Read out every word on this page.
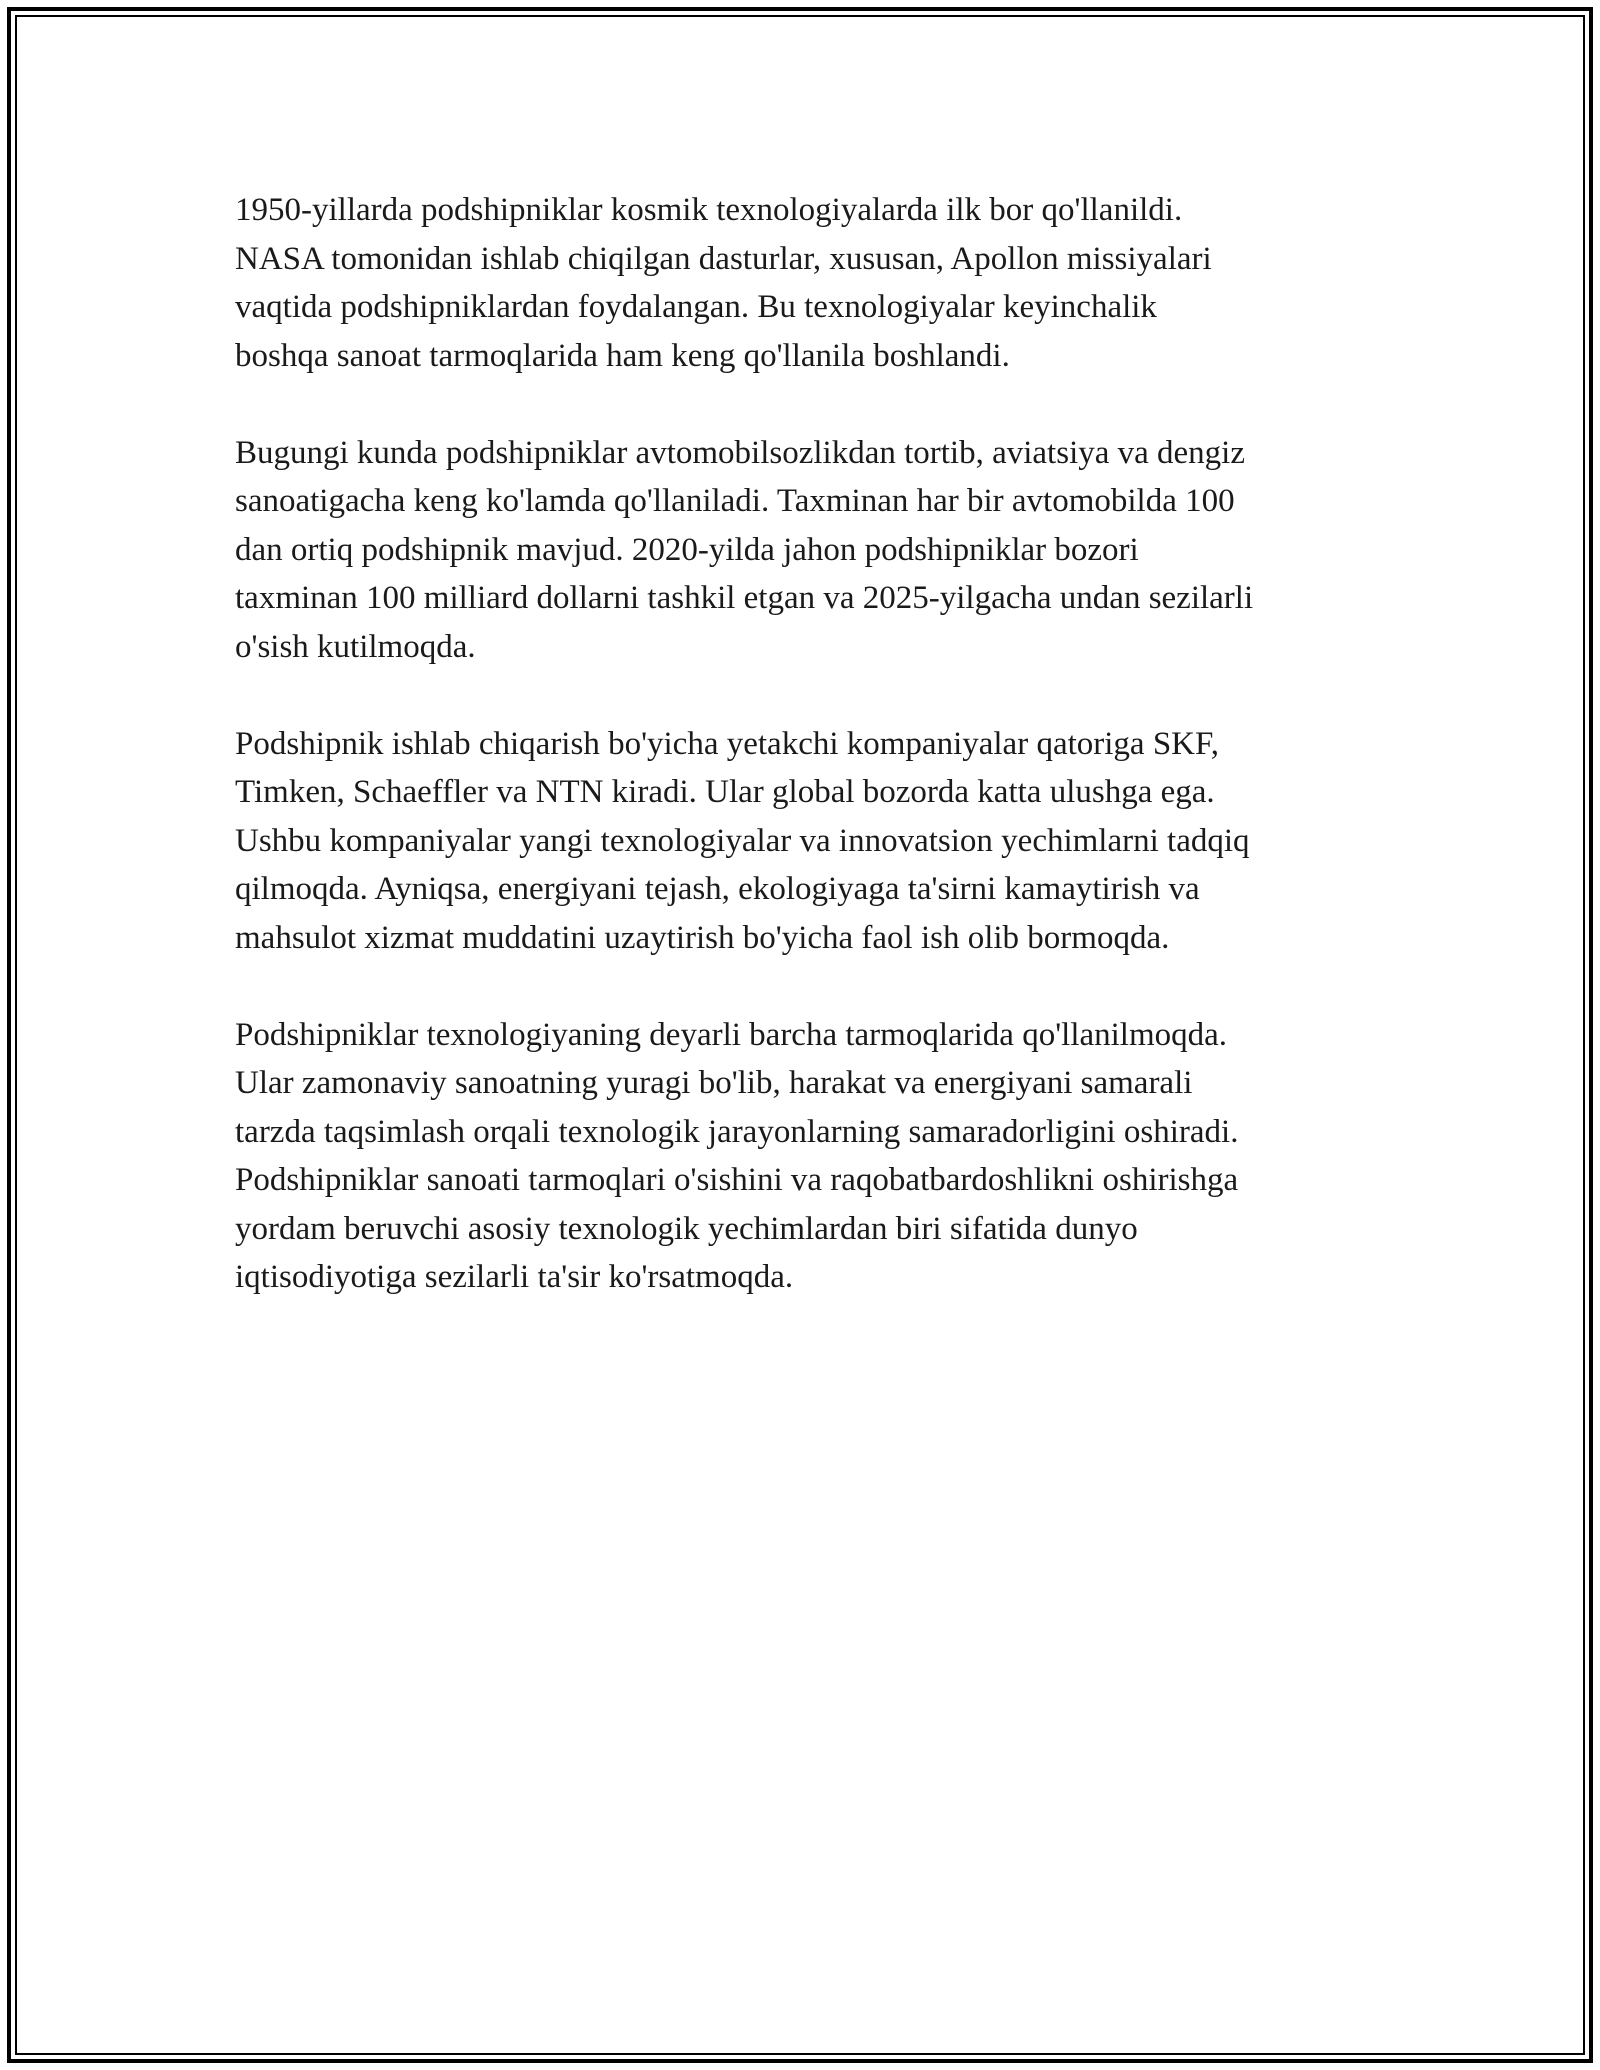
1950-yillarda podshipniklar kosmik texnologiyalarda ilk bor qo'llanildi.
NASA tomonidan ishlab chiqilgan dasturlar, xususan, Apollon missiyalari
vaqtida podshipniklardan foydalangan. Bu texnologiyalar keyinchalik
boshqa sanoat tarmoqlarida ham keng qo'llanila boshlandi.

Bugungi kunda podshipniklar avtomobilsozlikdan tortib, aviatsiya va dengiz
sanoatigacha keng ko'lamda qo'llaniladi. Taxminan har bir avtomobilda 100
dan ortiq podshipnik mavjud. 2020-yilda jahon podshipniklar bozori
taxminan 100 milliard dollarni tashkil etgan va 2025-yilgacha undan sezilarli
o'sish kutilmoqda.

Podshipnik ishlab chiqarish bo'yicha yetakchi kompaniyalar qatoriga SKF,
Timken, Schaeffler va NTN kiradi. Ular global bozorda katta ulushga ega.
Ushbu kompaniyalar yangi texnologiyalar va innovatsion yechimlarni tadqiq
qilmoqda. Ayniqsa, energiyani tejash, ekologiyaga ta'sirni kamaytirish va
mahsulot xizmat muddatini uzaytirish bo'yicha faol ish olib bormoqda.

Podshipniklar texnologiyaning deyarli barcha tarmoqlarida qo'llanilmoqda.
Ular zamonaviy sanoatning yuragi bo'lib, harakat va energiyani samarali
tarzda taqsimlash orqali texnologik jarayonlarning samaradorligini oshiradi.
Podshipniklar sanoati tarmoqlari o'sishini va raqobatbardoshlikni oshirishga
yordam beruvchi asosiy texnologik yechimlardan biri sifatida dunyo
iqtisodiyotiga sezilarli ta'sir ko'rsatmoqda.
